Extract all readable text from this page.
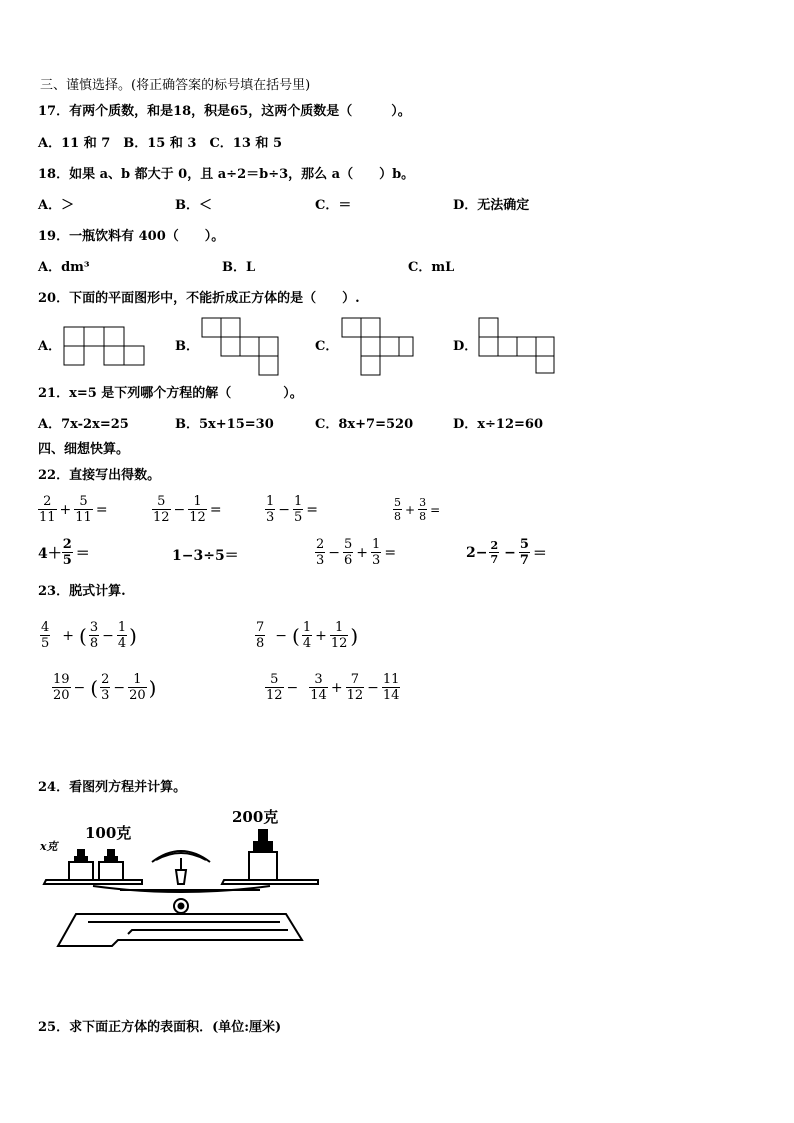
三、谨慎选择。(将正确答案的标号填在括号里)
17．有两个质数，和是18，积是65，这两个质数是（　　　）。
A．11 和 7　B．15 和 3　C．13 和 5
18．如果 a、b 都大于 0，且 a÷2＝b÷3，那么 a（　　）b。
A．＞	B．＜	C．＝	D．无法确定
19．一瓶饮料有 400（　　）。
A．dm³	B．L	C．mL
20．下面的平面图形中，不能折成正方体的是（　　）.
A．	B．	C．	D．
21．x=5 是下列哪个方程的解（　　　　）。
A．7x-2x=25	B．5x+15=30	C．8x+7=520	D．x÷12=60
四、细想快算。
22．直接写出得数。
$\frac{2}{11} + \frac{5}{11}$ =	$\frac{5}{12} - \frac{1}{12}$ =	$\frac{1}{3} - \frac{1}{5}$ =	$\frac{5}{8} + \frac{3}{8}$ =
$4+ \frac{2}{5}$ ＝	1−3÷5＝	$\frac{2}{3} - \frac{5}{6} + \frac{1}{3}$ =	$2- \frac{2}{7} - \frac{5}{7}$ ＝
23．脱式计算.
$\frac{4}{5}$ + ( $\frac{3}{8} - \frac{1}{4}$ )	$\frac{7}{8}$ − ( $\frac{1}{4} + \frac{1}{12}$ )
$\frac{19}{20}$ − ( $\frac{2}{3} - \frac{1}{20}$ )	$\frac{5}{12} - \frac{3}{14} + \frac{7}{12} - \frac{11}{14}$
24．看图列方程并计算。
x克
100克
200克
25．求下面正方体的表面积．(单位:厘米)
